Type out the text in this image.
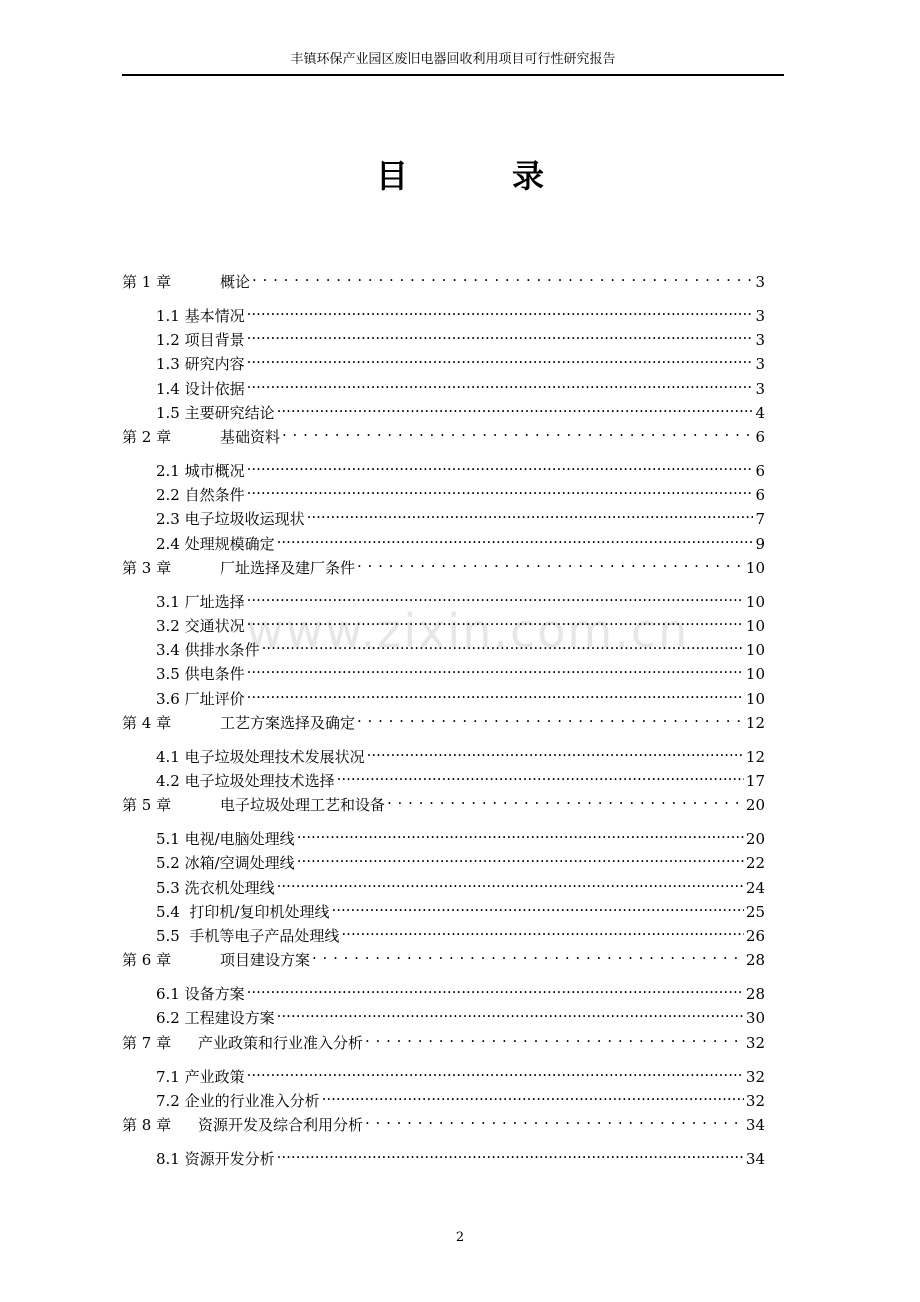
丰镇环保产业园区废旧电器回收利用项目可行性研究报告
目	录
www.zixin.com.cn
第 1 章	概论 . . .	3
1.1 基本情况 .....	3
1.2 项目背景 .....	3
1.3 研究内容 .....	3
1.4 设计依据 .....	3
1.5 主要研究结论 .....	4
第 2 章	基础资料 . . .	6
2.1 城市概况 .....	6
2.2 自然条件 .....	6
2.3 电子垃圾收运现状 .....	7
2.4 处理规模确定 .....	9
第 3 章	厂址选择及建厂条件 . . .	10
3.1 厂址选择 .....	10
3.2 交通状况 .....	10
3.4 供排水条件 .....	10
3.5 供电条件 .....	10
3.6 厂址评价 .....	10
第 4 章	工艺方案选择及确定 . . .	12
4.1 电子垃圾处理技术发展状况 .....	12
4.2 电子垃圾处理技术选择 .....	17
第 5 章	电子垃圾处理工艺和设备 . . .	20
5.1 电视/电脑处理线 .....	20
5.2 冰箱/空调处理线 .....	22
5.3 洗衣机处理线 .....	24
5.4  打印机/复印机处理线 .....	25
5.5  手机等电子产品处理线 .....	26
第 6 章	项目建设方案 . . .	28
6.1 设备方案 .....	28
6.2 工程建设方案 .....	30
第 7 章	产业政策和行业准入分析 . . .	32
7.1 产业政策 .....	32
7.2 企业的行业准入分析 .....	32
第 8 章	资源开发及综合利用分析 . . .	34
8.1 资源开发分析 .....	34
2
